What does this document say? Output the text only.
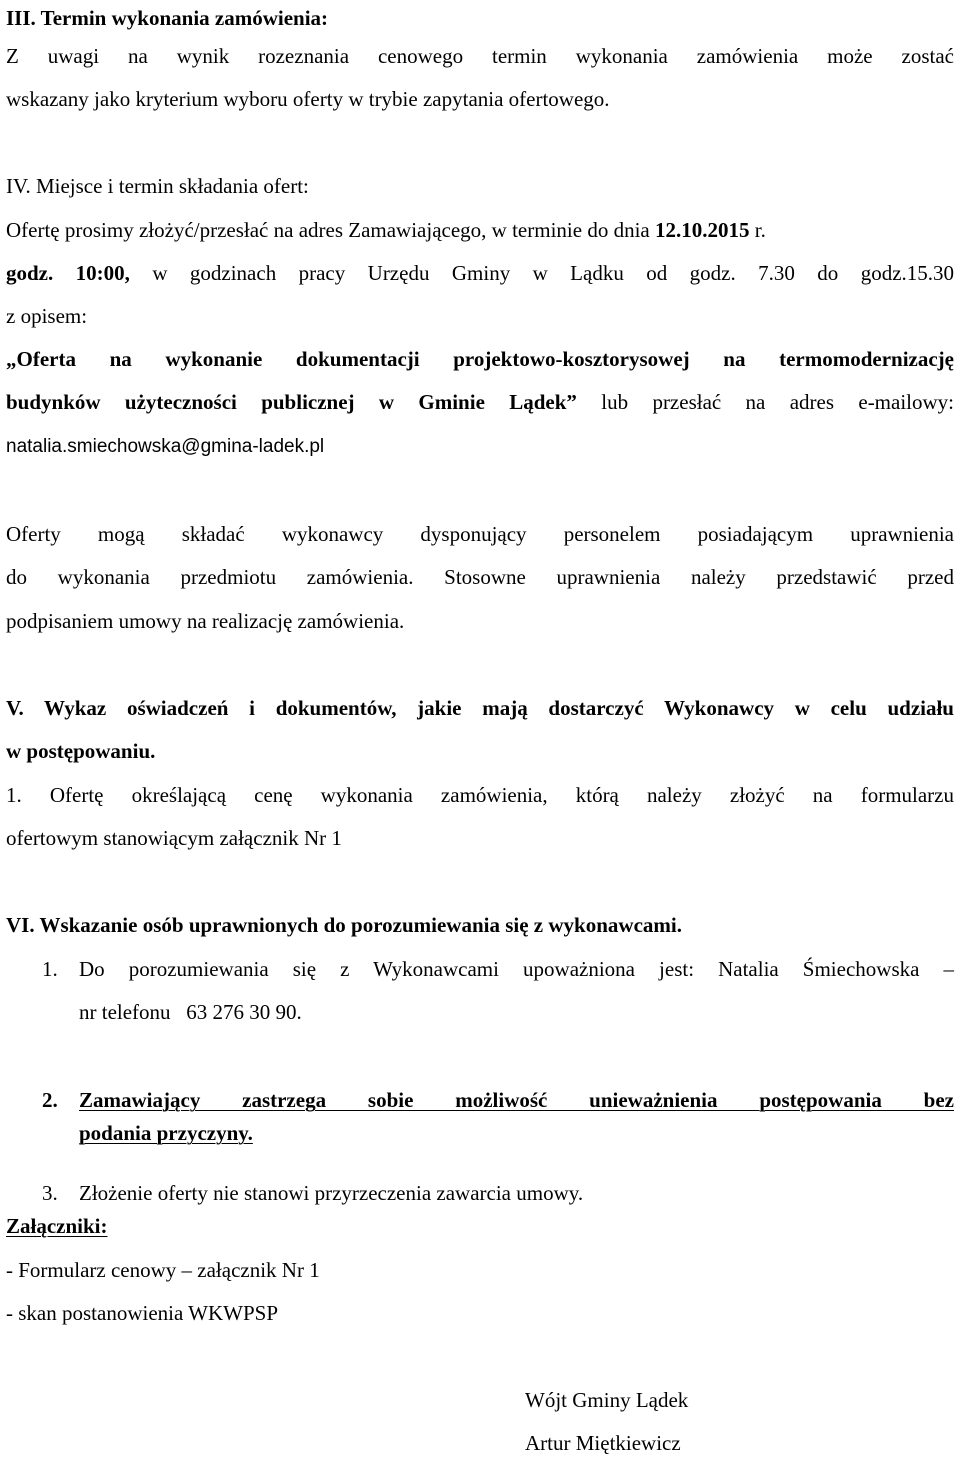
III. Termin wykonania zamówienia:
Z uwagi na wynik rozeznania cenowego termin wykonania zamówienia może zostać
wskazany jako kryterium wyboru oferty w trybie zapytania ofertowego.
IV. Miejsce i termin składania ofert:
Ofertę prosimy złożyć/przesłać na adres Zamawiającego, w terminie do dnia 12.10.2015 r.
godz. 10:00, w godzinach pracy Urzędu Gminy w Lądku od godz. 7.30 do godz.15.30
z opisem:
„Oferta na wykonanie dokumentacji projektowo-kosztorysowej na termomodernizację
budynków użyteczności publicznej w Gminie Lądek” lub przesłać na adres e-mailowy:
natalia.smiechowska@gmina-ladek.pl
Oferty mogą składać wykonawcy dysponujący personelem posiadającym uprawnienia
do wykonania przedmiotu zamówienia. Stosowne uprawnienia należy przedstawić przed
podpisaniem umowy na realizację zamówienia.
V. Wykaz oświadczeń i dokumentów, jakie mają dostarczyć Wykonawcy w celu udziału
w postępowaniu.
1. Ofertę określającą cenę wykonania zamówienia, którą należy złożyć na formularzu
ofertowym stanowiącym załącznik Nr 1
VI. Wskazanie osób uprawnionych do porozumiewania się z wykonawcami.
1. Do porozumiewania się z Wykonawcami upoważniona jest: Natalia Śmiechowska –
nr telefonu   63 276 30 90.
2. Zamawiający zastrzega sobie możliwość unieważnienia postępowania bez
podania przyczyny.
3. Złożenie oferty nie stanowi przyrzeczenia zawarcia umowy.
Załączniki:
- Formularz cenowy – załącznik Nr 1
- skan postanowienia WKWPSP
Wójt Gminy Lądek
Artur Miętkiewicz
